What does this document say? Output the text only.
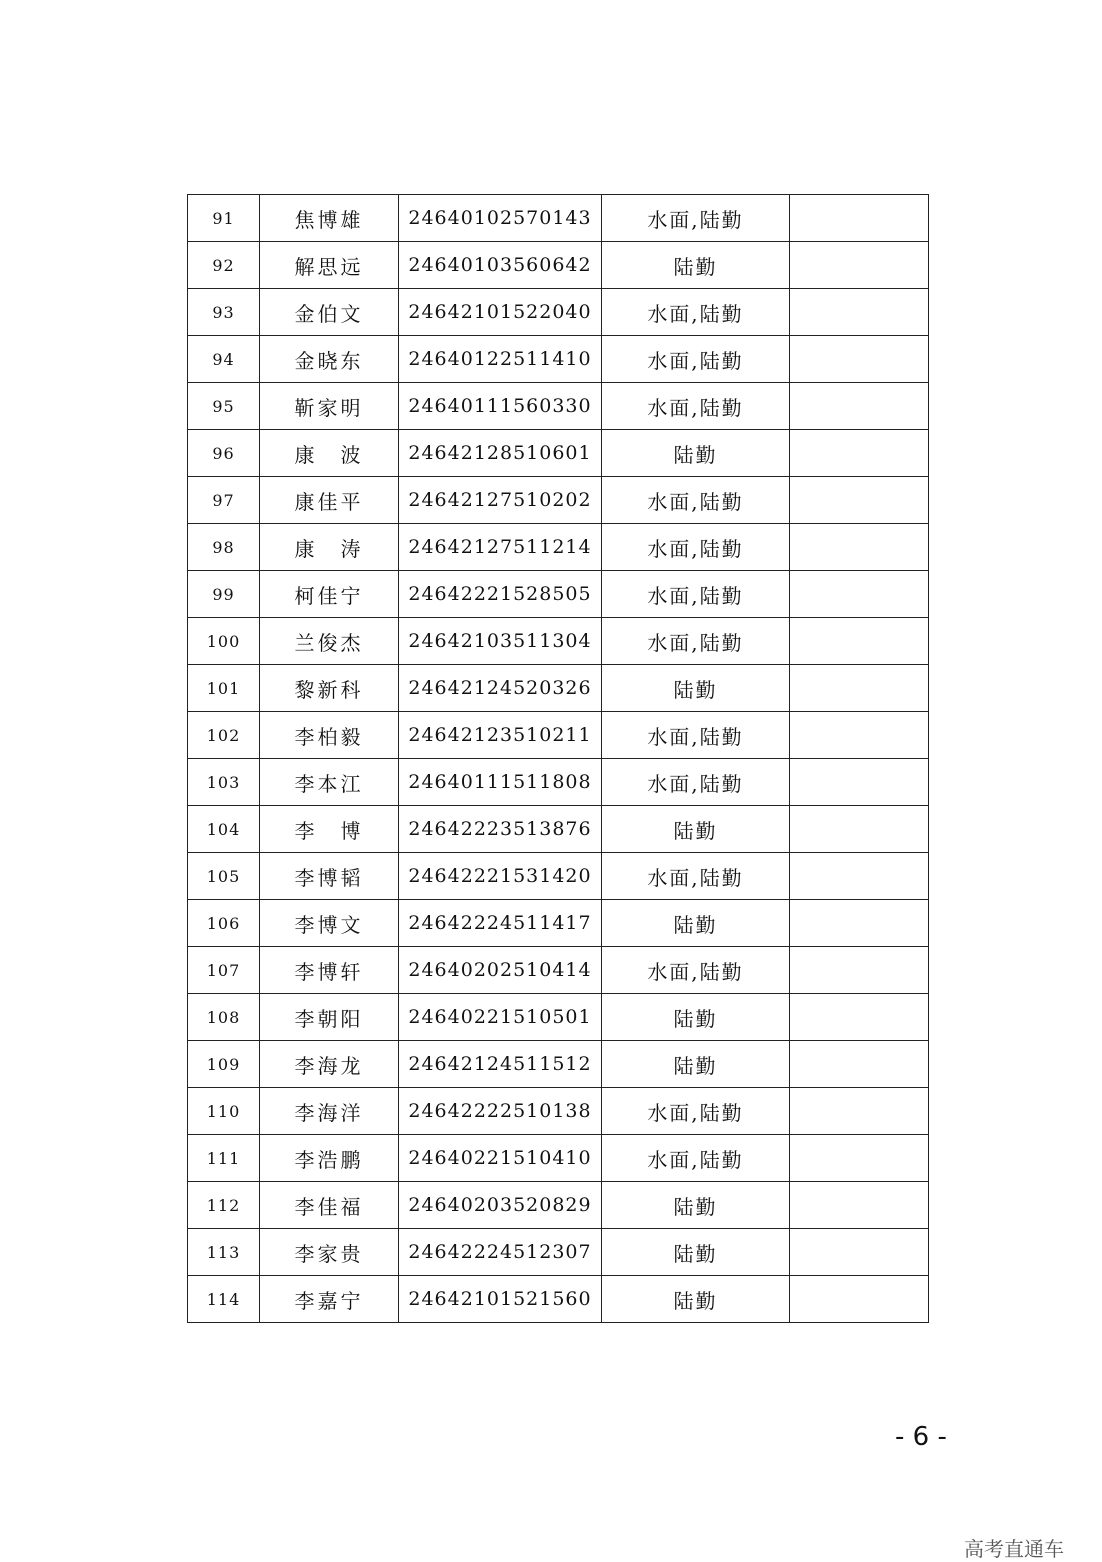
91	焦博雄	24640102570143	水面,陆勤	
92	解思远	24640103560642	陆勤	
93	金伯文	24642101522040	水面,陆勤	
94	金晓东	24640122511410	水面,陆勤	
95	靳家明	24640111560330	水面,陆勤	
96	康　波	24642128510601	陆勤	
97	康佳平	24642127510202	水面,陆勤	
98	康　涛	24642127511214	水面,陆勤	
99	柯佳宁	24642221528505	水面,陆勤	
100	兰俊杰	24642103511304	水面,陆勤	
101	黎新科	24642124520326	陆勤	
102	李柏毅	24642123510211	水面,陆勤	
103	李本江	24640111511808	水面,陆勤	
104	李　博	24642223513876	陆勤	
105	李博韬	24642221531420	水面,陆勤	
106	李博文	24642224511417	陆勤	
107	李博轩	24640202510414	水面,陆勤	
108	李朝阳	24640221510501	陆勤	
109	李海龙	24642124511512	陆勤	
110	李海洋	24642222510138	水面,陆勤	
111	李浩鹏	24640221510410	水面,陆勤	
112	李佳福	24640203520829	陆勤	
113	李家贵	24642224512307	陆勤	
114	李嘉宁	24642101521560	陆勤	
- 6 -
高考直通车
